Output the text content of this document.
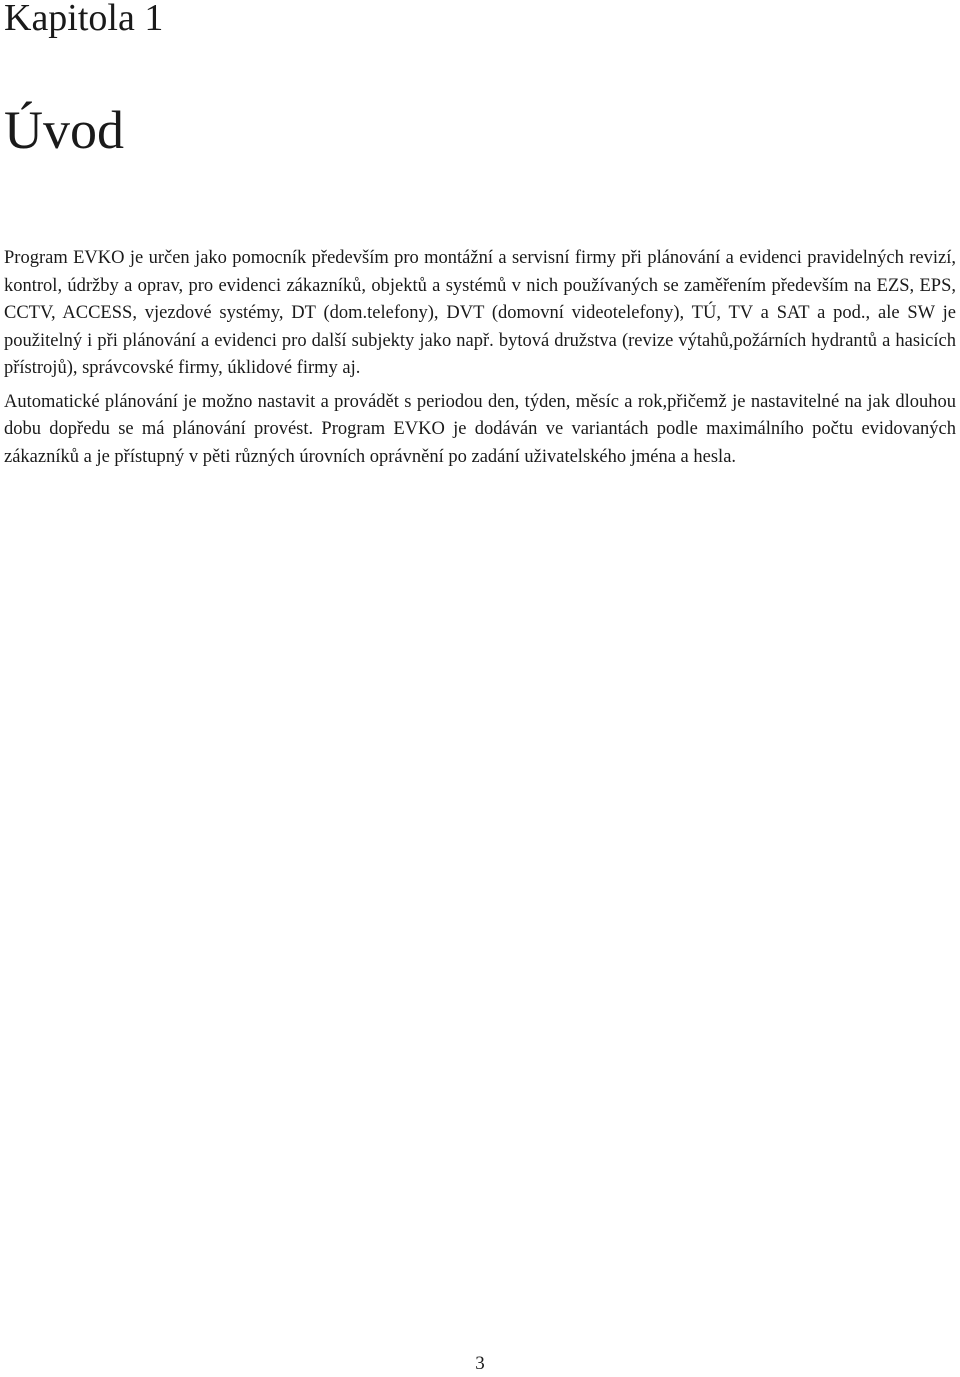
Kapitola 1
Úvod

Program EVKO je určen jako pomocník především pro montážní a servisní firmy při plánování a evidenci pravidelných revizí, kontrol, údržby a oprav, pro evidenci zákazníků, objektů a systémů v nich používaných se zaměřením především na EZS, EPS, CCTV, ACCESS, vjezdové systémy, DT (dom.telefony), DVT (domovní videotelefony), TÚ, TV a SAT a pod., ale SW je použitelný i při plánování a evidenci pro další subjekty jako např. bytová družstva (revize výtahů,požárních hydrantů a hasicích přístrojů), správcovské firmy, úklidové firmy aj.

Automatické plánování je možno nastavit a provádět s periodou den, týden, měsíc a rok,přičemž je nastavitelné na jak dlouhou dobu dopředu se má plánování provést. Program EVKO je dodáván ve variantách podle maximálního počtu evidovaných zákazníků a je přístupný v pěti různých úrovních oprávnění po zadání uživatelského jména a hesla.

3
